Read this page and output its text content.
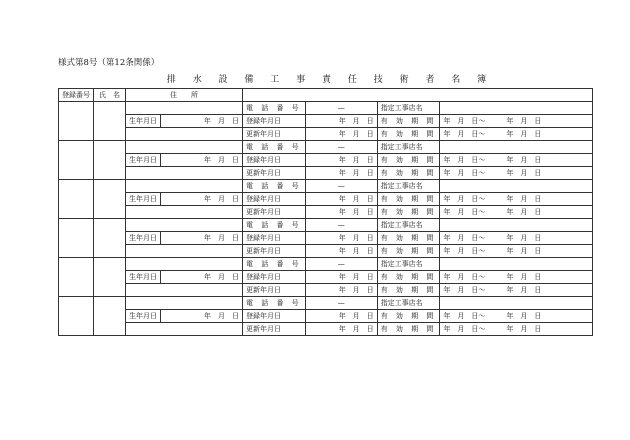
様式第8号（第12条関係）
排 水 設 備 工 事 責 任 技 術 者 名 簿
登録番号	氏　名	住　　所					
				電 話 番 号	—	指定工事店名	
		生年月日	年　月　日	登録年月日	年　月　日	有 効 期 間	年　月　日～　　　年　月　日
				更新年月日	年　月　日	有 効 期 間	年　月　日～　　　年　月　日
				電 話 番 号	—	指定工事店名	
		生年月日	年　月　日	登録年月日	年　月　日	有 効 期 間	年　月　日～　　　年　月　日
				更新年月日	年　月　日	有 効 期 間	年　月　日～　　　年　月　日
				電 話 番 号	—	指定工事店名	
		生年月日	年　月　日	登録年月日	年　月　日	有 効 期 間	年　月　日～　　　年　月　日
				更新年月日	年　月　日	有 効 期 間	年　月　日～　　　年　月　日
				電 話 番 号	—	指定工事店名	
		生年月日	年　月　日	登録年月日	年　月　日	有 効 期 間	年　月　日～　　　年　月　日
				更新年月日	年　月　日	有 効 期 間	年　月　日～　　　年　月　日
				電 話 番 号	—	指定工事店名	
		生年月日	年　月　日	登録年月日	年　月　日	有 効 期 間	年　月　日～　　　年　月　日
				更新年月日	年　月　日	有 効 期 間	年　月　日～　　　年　月　日
				電 話 番 号	—	指定工事店名	
		生年月日	年　月　日	登録年月日	年　月　日	有 効 期 間	年　月　日～　　　年　月　日
				更新年月日	年　月　日	有 効 期 間	年　月　日～　　　年　月　日
